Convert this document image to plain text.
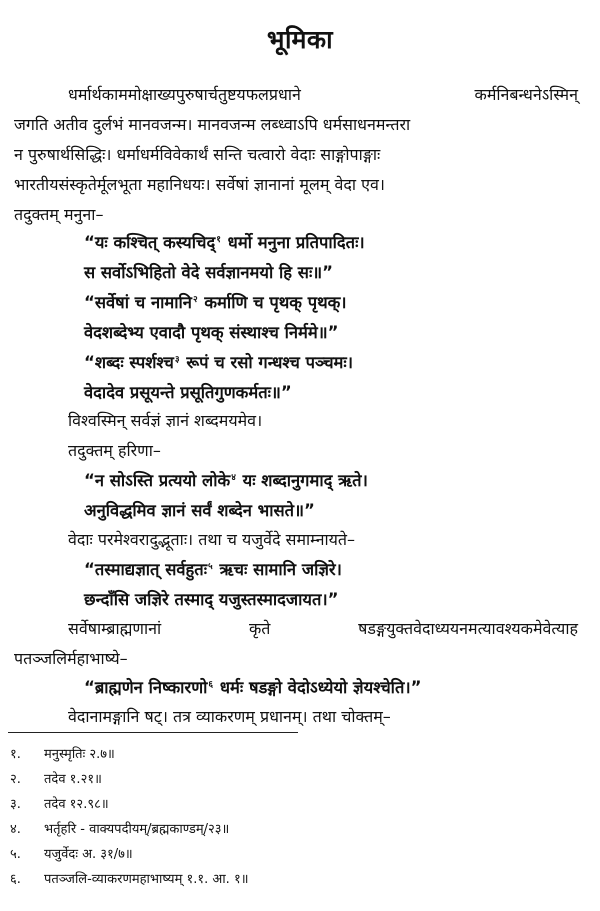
भूमिका
धर्मार्थकाममोक्षाख्यपुरुषार्चतुष्टयफलप्रधाने	कर्मनिबन्धनेऽस्मिन्
जगति अतीव दुर्लभं मानवजन्म। मानवजन्म लब्ध्वाऽपि धर्मसाधनमन्तरा
न पुरुषार्थसिद्धिः। धर्माधर्मविवेकार्थं सन्ति चत्वारो वेदाः साङ्गोपाङ्गाः
भारतीयसंस्कृतेर्मूलभूता महानिधयः। सर्वेषां ज्ञानानां मूलम् वेदा एव।
तदुक्तम् मनुना–
“यः कश्चित् कस्यचिद्$^१$ धर्मो मनुना प्रतिपादितः।
स सर्वोऽभिहितो वेदे सर्वज्ञानमयो हि सः॥”
“सर्वेषां च नामानि$^२$ कर्माणि च पृथक् पृथक्।
वेदशब्देभ्य एवादौ पृथक् संस्थाश्च निर्ममे॥”
“शब्दः स्पर्शश्च$^३$ रूपं च रसो गन्धश्च पञ्चमः।
वेदादेव प्रसूयन्ते प्रसूतिगुणकर्मतः॥”
विश्वस्मिन् सर्वज्ञं ज्ञानं शब्दमयमेव।
तदुक्तम् हरिणा–
“न सोऽस्ति प्रत्ययो लोके$^४$ यः शब्दानुगमाद् ऋते।
अनुविद्धमिव ज्ञानं सर्वं शब्देन भासते॥”
वेदाः परमेश्वरादुद्भूताः। तथा च यजुर्वेदे समाम्नायते–
“तस्माद्यज्ञात् सर्वहुतः$^५$ ऋचः सामानि जज्ञिरे।
छन्दाँसि जज्ञिरे तस्माद् यजुस्तस्मादजायत।”
सर्वेषाम्ब्राह्मणानां	कृते	षडङ्गयुक्तवेदाध्ययनमत्यावश्यकमेवेत्याह
पतञ्जलिर्महाभाष्ये–
“ब्राह्मणेन निष्कारणो$^६$ धर्मः षडङ्गो वेदोऽध्येयो ज्ञेयश्चेति।”
वेदानामङ्गानि षट्। तत्र व्याकरणम् प्रधानम्। तथा चोक्तम्–
१. मनुस्मृतिः २.७॥
२. तदेव १.२१॥
३. तदेव १२.९८॥
४. भर्तृहरि - वाक्यपदीयम्/ब्रह्मकाण्डम्/२३॥
५. यजुर्वेदः अ. ३१/७॥
६. पतञ्जलि-व्याकरणमहाभाष्यम् १.१. आ. १॥
